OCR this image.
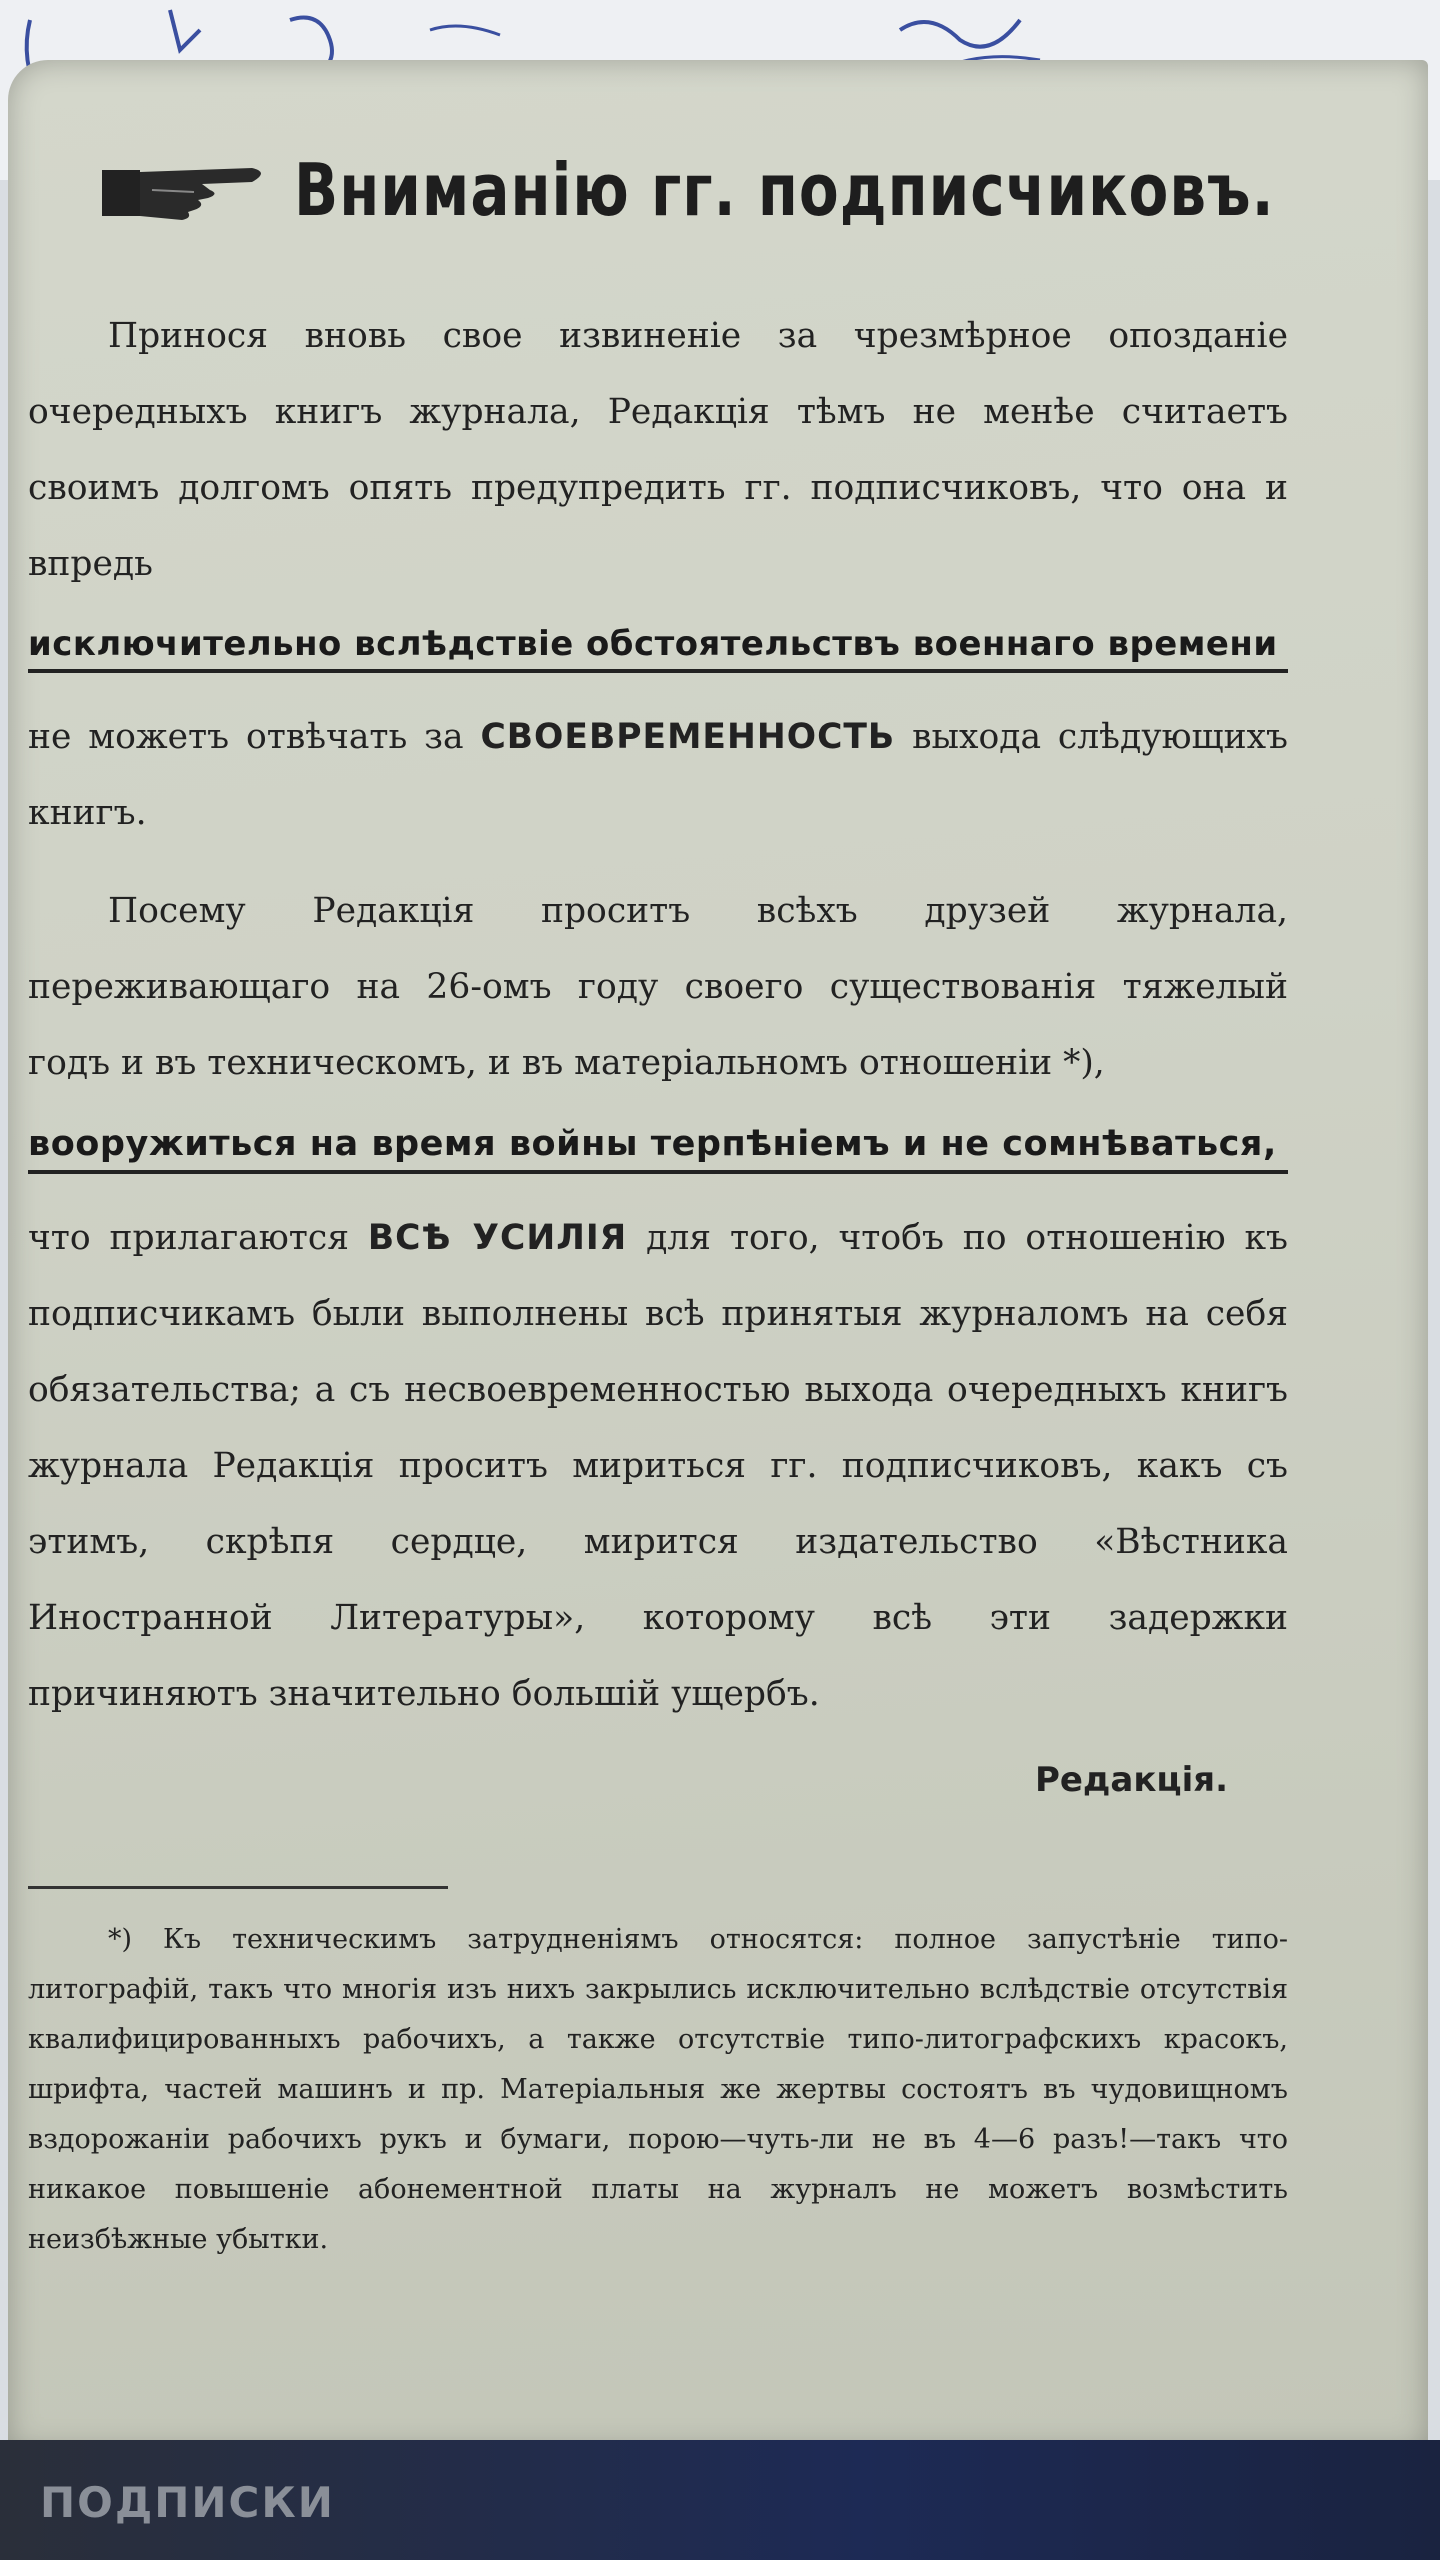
Вниманію гг. подписчиковъ.

Принося вновь свое извиненіе за чрезмѣрное опозданіе очередныхъ книгъ журнала, Редакція тѣмъ не менѣе считаетъ своимъ долгомъ опять предупредить гг. подписчиковъ, что она и впредь

исключительно вслѣдствіе обстоятельствъ военнаго времени

не можетъ отвѣчать за СВОЕВРЕМЕННОСТЬ выхода слѣдующихъ книгъ.

Посему Редакція проситъ всѣхъ друзей журнала, переживающаго на 26-омъ году своего существованія тяжелый годъ и въ техническомъ, и въ матеріальномъ отношеніи *),

вооружиться на время войны терпѣніемъ и не сомнѣваться,

что прилагаются ВСѢ УСИЛІЯ для того, чтобъ по отношенію къ подписчикамъ были выполнены всѣ принятыя журналомъ на себя обязательства; а съ несвоевременностью выхода очередныхъ книгъ журнала Редакція проситъ мириться гг. подписчиковъ, какъ съ этимъ, скрѣпя сердце, мирится издательство «Вѣстника Иностранной Литературы», которому всѣ эти задержки причиняютъ значительно большій ущербъ.

Редакція.

*) Къ техническимъ затрудненіямъ относятся: полное запустѣніе типо-литографій, такъ что многія изъ нихъ закрылись исключительно вслѣдствіе отсутствія квалифицированныхъ рабочихъ, а также отсутствіе типо-литографскихъ красокъ, шрифта, частей машинъ и пр. Матеріальныя же жертвы состоятъ въ чудовищномъ вздорожаніи рабочихъ рукъ и бумаги, порою—чуть-ли не въ 4—6 разъ!—такъ что никакое повышеніе абонементной платы на журналъ не можетъ возмѣстить неизбѣжные убытки.

ПОДПИСКИ
